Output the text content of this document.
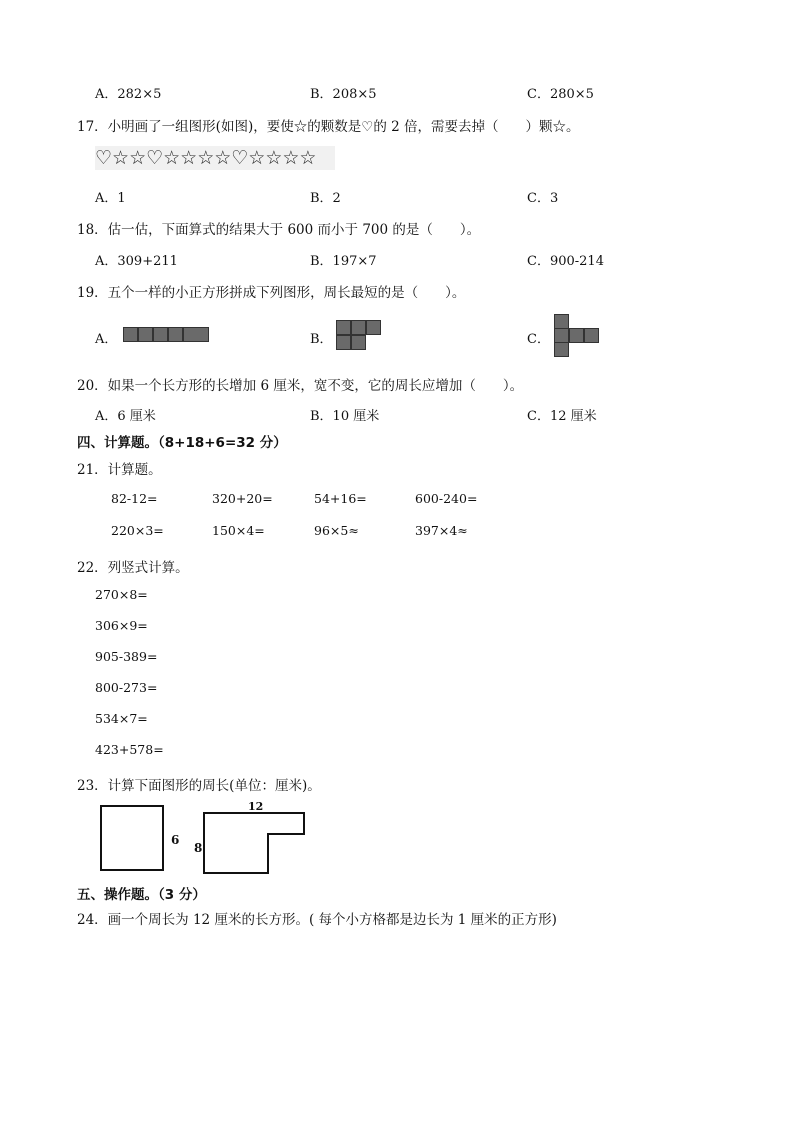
A．282×5	B．208×5	C．280×5
17．小明画了一组图形(如图)，要使☆的颗数是♡的 2 倍，需要去掉（　　）颗☆。
♡☆☆♡☆☆☆☆♡☆☆☆☆
A．1	B．2	C．3
18．估一估，下面算式的结果大于 600 而小于 700 的是（　　）。
A．309+211	B．197×7	C．900-214
19．五个一样的小正方形拼成下列图形，周长最短的是（　　）。
A．	B．	C．
20．如果一个长方形的长增加 6 厘米，宽不变，它的周长应增加（　　）。
A．6 厘米	B．10 厘米	C．12 厘米
四、计算题。（8+18+6=32 分）
21．计算题。
82-12=	320+20=	54+16=	600-240=
220×3=	150×4=	96×5≈	397×4≈
22．列竖式计算。
270×8=
306×9=
905-389=
800-273=
534×7=
423+578=
23．计算下面图形的周长(单位：厘米)。
6
12
8
五、操作题。（3 分）
24．画一个周长为 12 厘米的长方形。( 每个小方格都是边长为 1 厘米的正方形)
